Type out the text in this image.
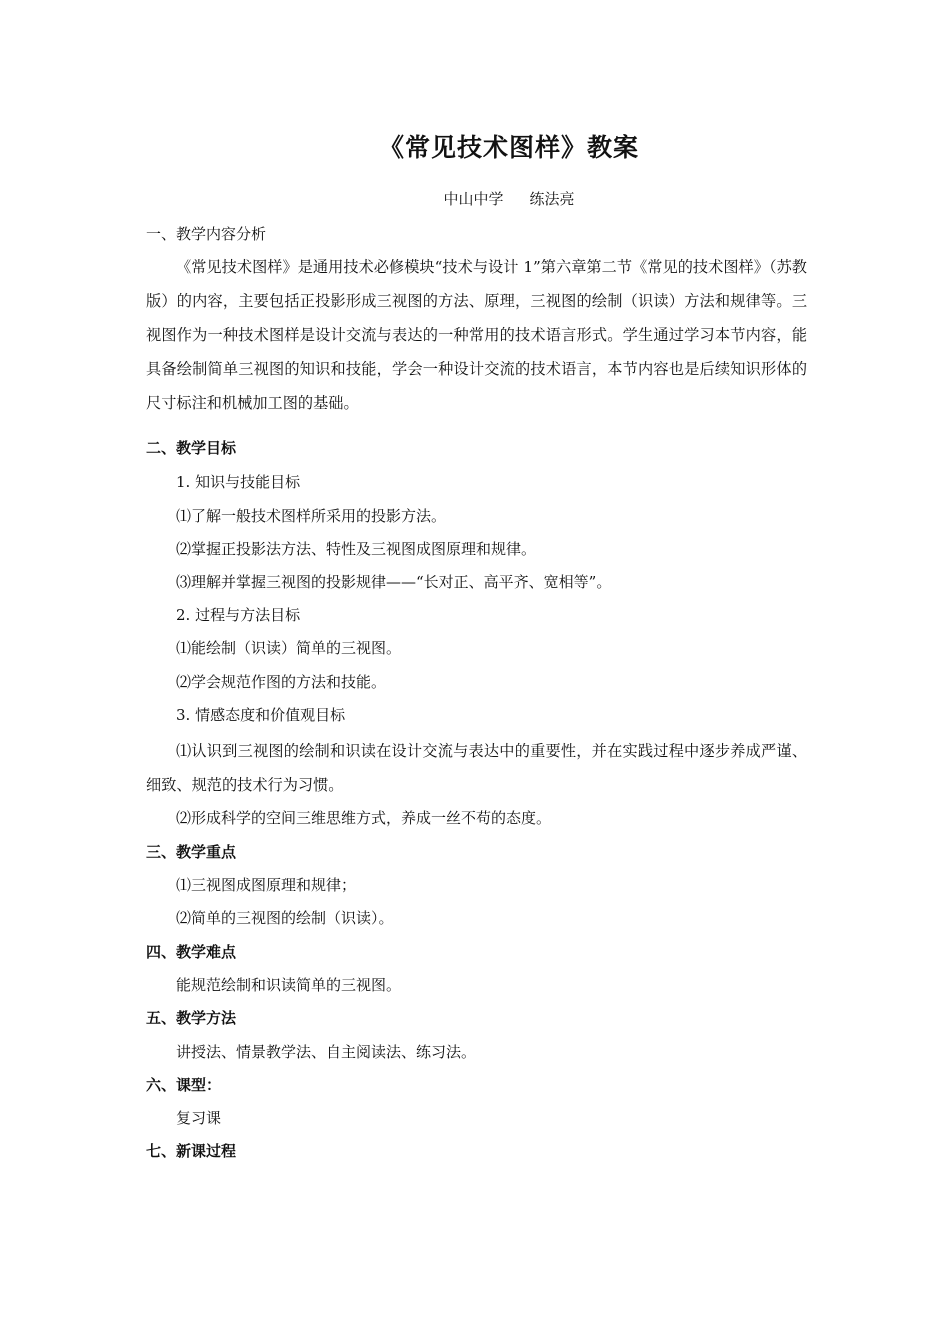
《常见技术图样》教案
中山中学 练法亮
一、教学内容分析
《常见技术图样》是通用技术必修模块“技术与设计 1”第六章第二节《常见的技术图样》（苏教版）的内容，主要包括正投影形成三视图的方法、原理，三视图的绘制（识读）方法和规律等。三视图作为一种技术图样是设计交流与表达的一种常用的技术语言形式。学生通过学习本节内容，能具备绘制简单三视图的知识和技能，学会一种设计交流的技术语言，本节内容也是后续知识形体的尺寸标注和机械加工图的基础。
二、教学目标
1. 知识与技能目标
⑴了解一般技术图样所采用的投影方法。
⑵掌握正投影法方法、特性及三视图成图原理和规律。
⑶理解并掌握三视图的投影规律——“长对正、高平齐、宽相等”。
2. 过程与方法目标
⑴能绘制（识读）简单的三视图。
⑵学会规范作图的方法和技能。
3. 情感态度和价值观目标
⑴认识到三视图的绘制和识读在设计交流与表达中的重要性，并在实践过程中逐步养成严谨、细致、规范的技术行为习惯。
⑵形成科学的空间三维思维方式，养成一丝不苟的态度。
三、教学重点
⑴三视图成图原理和规律；
⑵简单的三视图的绘制（识读）。
四、教学难点
能规范绘制和识读简单的三视图。
五、教学方法
讲授法、情景教学法、自主阅读法、练习法。
六、课型：
复习课
七、新课过程
